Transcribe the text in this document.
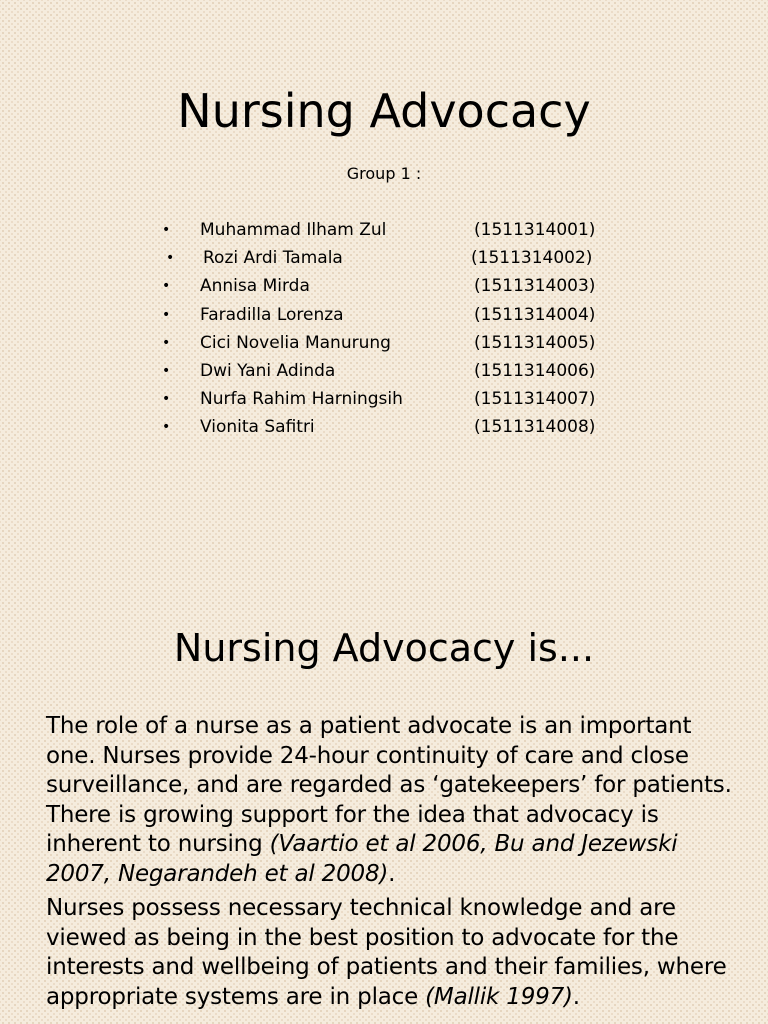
Nursing Advocacy
Group 1 :
• Muhammad Ilham Zul	(1511314001)
• Rozi Ardi Tamala	(1511314002)
• Annisa Mirda	(1511314003)
• Faradilla Lorenza	(1511314004)
• Cici Novelia Manurung	(1511314005)
• Dwi Yani Adinda	(1511314006)
• Nurfa Rahim Harningsih	(1511314007)
• Vionita Safitri	(1511314008)
Nursing Advocacy is...

The role of a nurse as a patient advocate is an important one. Nurses provide 24-hour continuity of care and close surveillance, and are regarded as ‘gatekeepers’ for patients. There is growing support for the idea that advocacy is inherent to nursing (Vaartio et al 2006, Bu and Jezewski 2007, Negarandeh et al 2008).

Nurses possess necessary technical knowledge and are viewed as being in the best position to advocate for the interests and wellbeing of patients and their families, where appropriate systems are in place (Mallik 1997).
